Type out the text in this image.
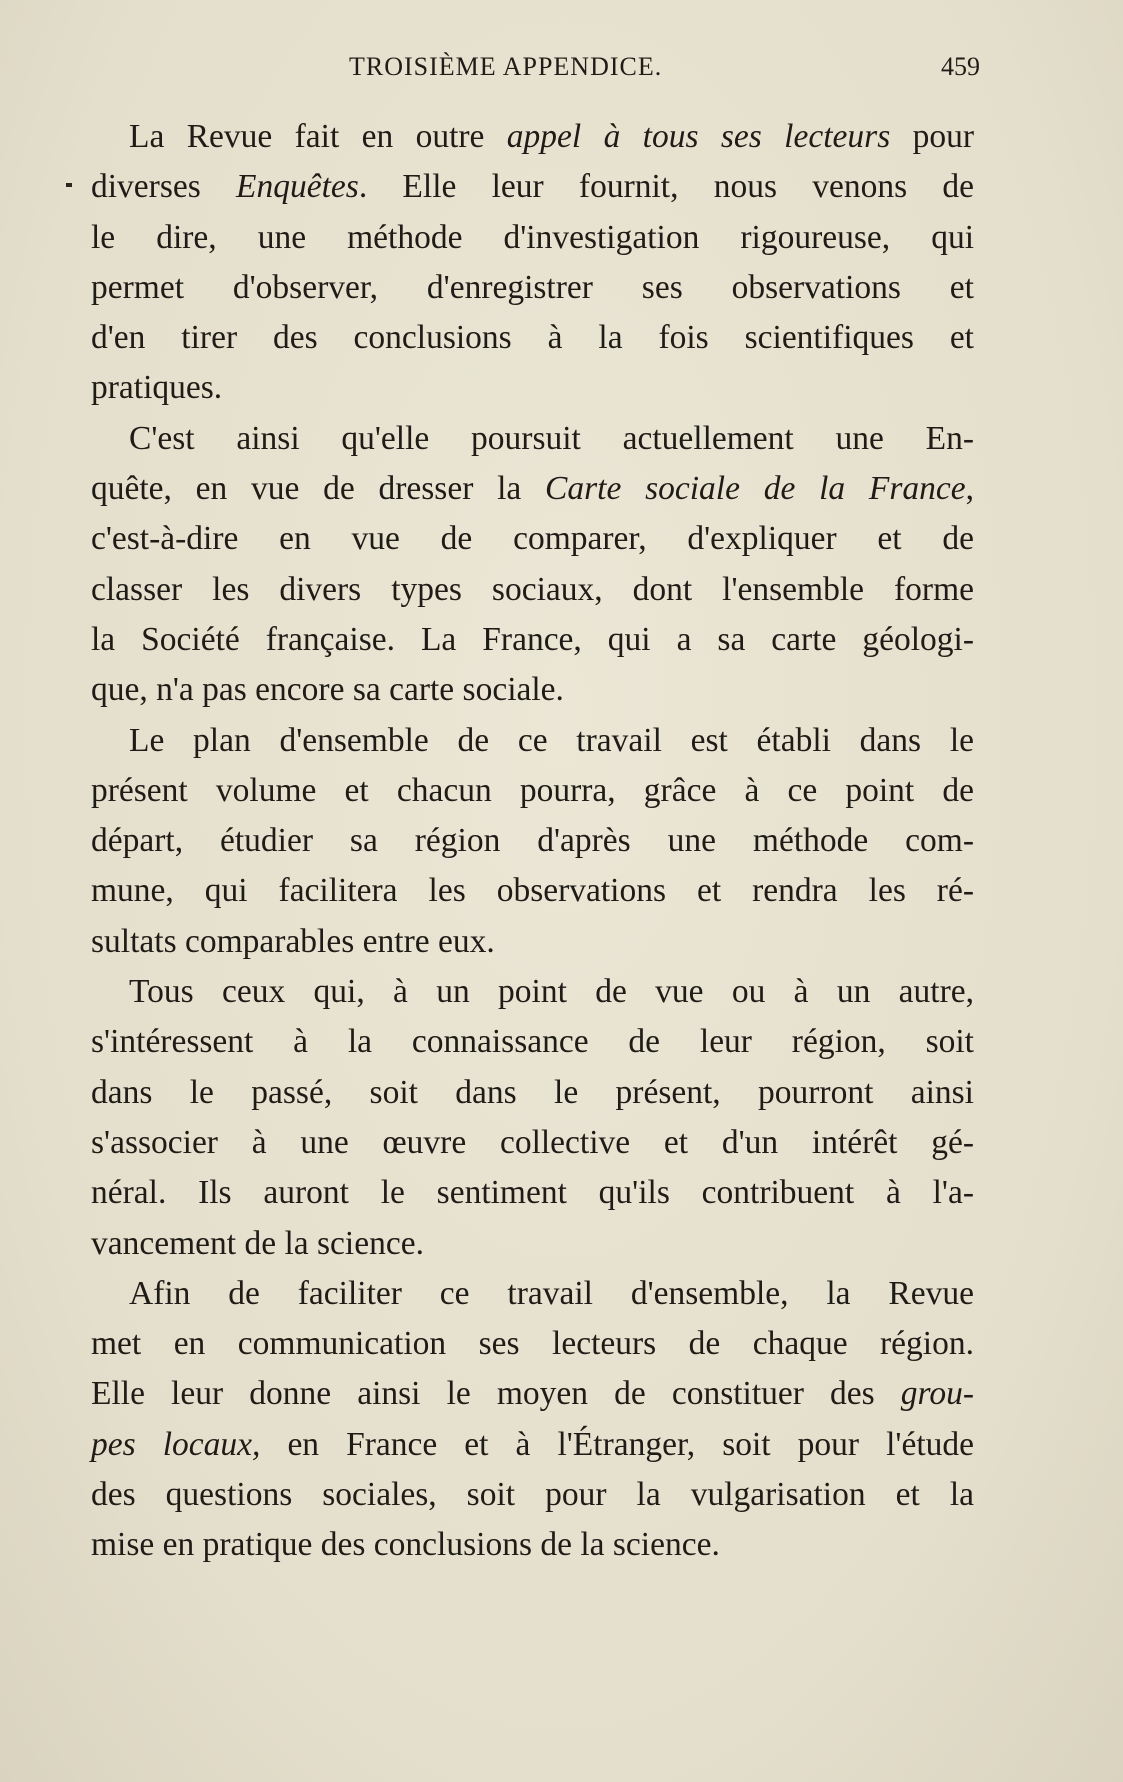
TROISIÈME APPENDICE.	459
La Revue fait en outre appel à tous ses lecteurs pour
diverses Enquêtes. Elle leur fournit, nous venons de
le dire, une méthode d'investigation rigoureuse, qui
permet d'observer, d'enregistrer ses observations et
d'en tirer des conclusions à la fois scientifiques et
pratiques.
C'est ainsi qu'elle poursuit actuellement une En-
quête, en vue de dresser la Carte sociale de la France,
c'est-à-dire en vue de comparer, d'expliquer et de
classer les divers types sociaux, dont l'ensemble forme
la Société française. La France, qui a sa carte géologi-
que, n'a pas encore sa carte sociale.
Le plan d'ensemble de ce travail est établi dans le
présent volume et chacun pourra, grâce à ce point de
départ, étudier sa région d'après une méthode com-
mune, qui facilitera les observations et rendra les ré-
sultats comparables entre eux.
Tous ceux qui, à un point de vue ou à un autre,
s'intéressent à la connaissance de leur région, soit
dans le passé, soit dans le présent, pourront ainsi
s'associer à une œuvre collective et d'un intérêt gé-
néral. Ils auront le sentiment qu'ils contribuent à l'a-
vancement de la science.
Afin de faciliter ce travail d'ensemble, la Revue
met en communication ses lecteurs de chaque région.
Elle leur donne ainsi le moyen de constituer des grou-
pes locaux, en France et à l'Étranger, soit pour l'étude
des questions sociales, soit pour la vulgarisation et la
mise en pratique des conclusions de la science.
